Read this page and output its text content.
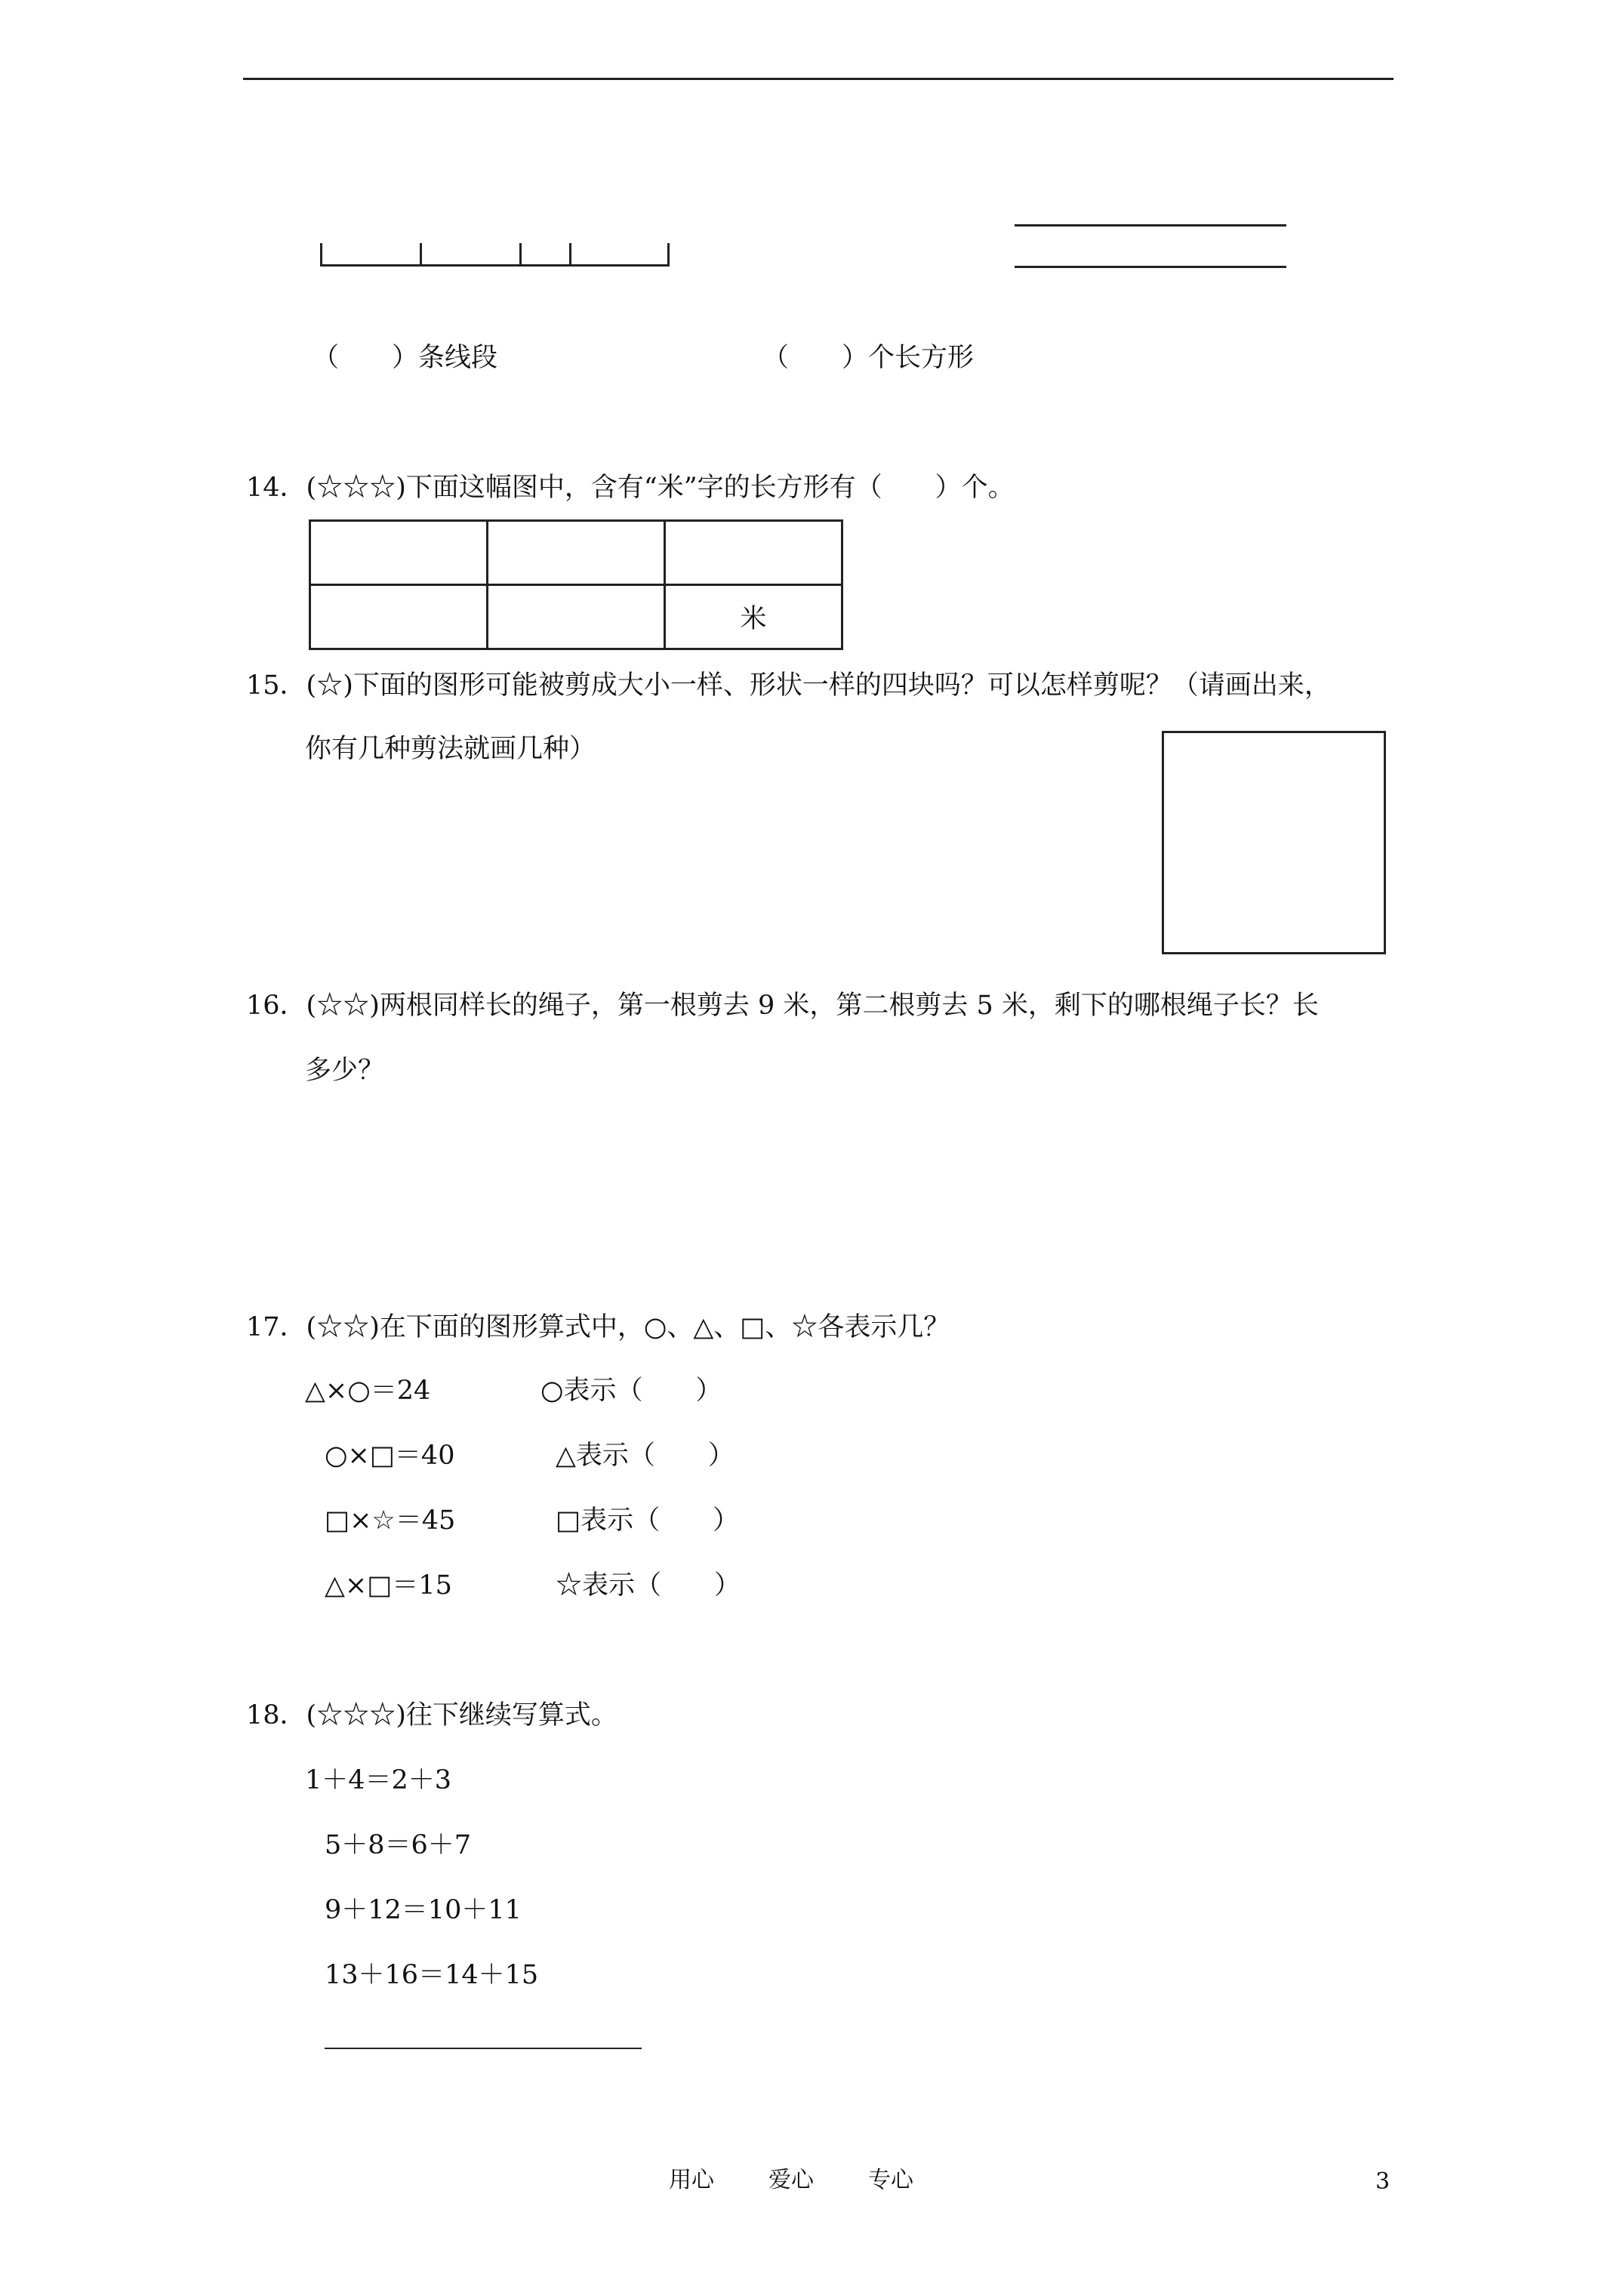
（　　）条线段	（　　）个长方形
14．(☆☆☆)下面这幅图中，含有“米”字的长方形有（　　）个。

		米
15．(☆)下面的图形可能被剪成大小一样、形状一样的四块吗？可以怎样剪呢？（请画出来，
你有几种剪法就画几种）
16．(☆☆)两根同样长的绳子，第一根剪去 9 米，第二根剪去 5 米，剩下的哪根绳子长？长
多少？
17．(☆☆)在下面的图形算式中，○、△、□、☆各表示几？
△×○＝24	○表示（　　）
○×□＝40	△表示（　　）
□×☆＝45	□表示（　　）
△×□＝15	☆表示（　　）
18．(☆☆☆)往下继续写算式。
1＋4＝2＋3
5＋8＝6＋7
9＋12＝10＋11
13＋16＝14＋15
用心 爱心 专心	3
